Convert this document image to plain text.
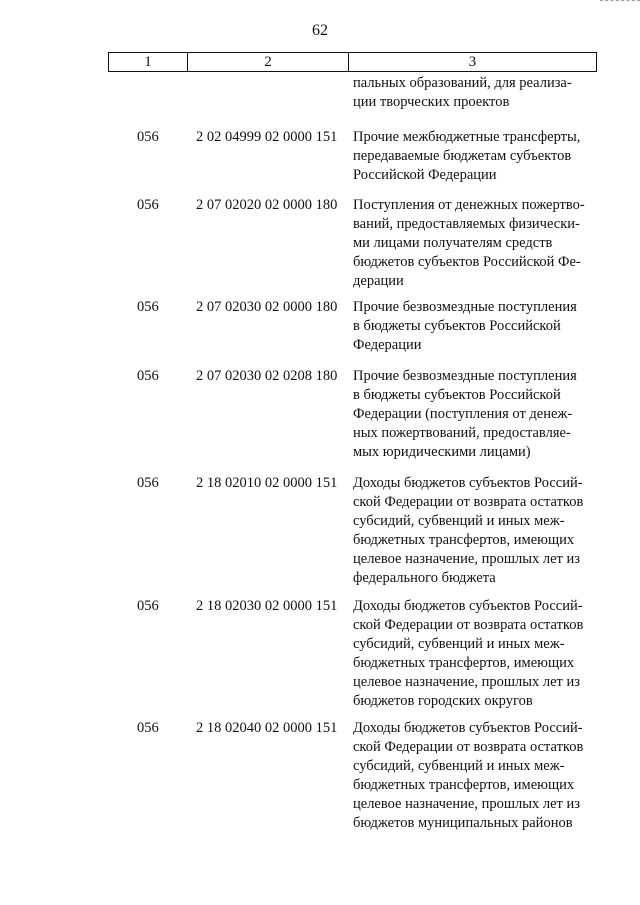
62
1	2	3
пальных образований, для реализа-
ции творческих проектов
056	2 02 04999 02 0000 151 Прочие межбюджетные трансферты,
передаваемые бюджетам субъектов
Российской Федерации
056	2 07 02020 02 0000 180 Поступления от денежных пожертво-
ваний, предоставляемых физически-
ми лицами получателям средств
бюджетов субъектов Российской Фе-
дерации
056	2 07 02030 02 0000 180 Прочие безвозмездные поступления
в бюджеты субъектов Российской
Федерации
056	2 07 02030 02 0208 180 Прочие безвозмездные поступления
в бюджеты субъектов Российской
Федерации (поступления от денеж-
ных пожертвований, предоставляе-
мых юридическими лицами)
056	2 18 02010 02 0000 151 Доходы бюджетов субъектов Россий-
ской Федерации от возврата остатков
субсидий, субвенций и иных меж-
бюджетных трансфертов, имеющих
целевое назначение, прошлых лет из
федерального бюджета
056	2 18 02030 02 0000 151 Доходы бюджетов субъектов Россий-
ской Федерации от возврата остатков
субсидий, субвенций и иных меж-
бюджетных трансфертов, имеющих
целевое назначение, прошлых лет из
бюджетов городских округов
056	2 18 02040 02 0000 151 Доходы бюджетов субъектов Россий-
ской Федерации от возврата остатков
субсидий, субвенций и иных меж-
бюджетных трансфертов, имеющих
целевое назначение, прошлых лет из
бюджетов муниципальных районов
